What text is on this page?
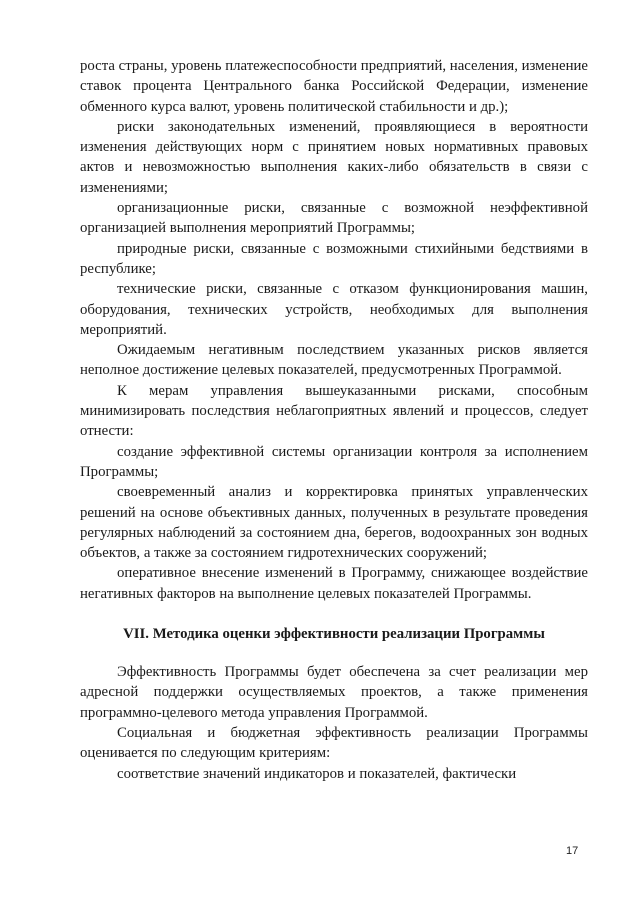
роста страны, уровень платежеспособности предприятий, населения, изменение ставок процента Центрального банка Российской Федерации, изменение обменного курса валют, уровень политической стабильности и др.);

риски законодательных изменений, проявляющиеся в вероятности изменения действующих норм с принятием новых нормативных правовых актов и невозможностью выполнения каких-либо обязательств в связи с изменениями;

организационные риски, связанные с возможной неэффективной организацией выполнения мероприятий Программы;

природные риски, связанные с возможными стихийными бедствиями в республике;

технические риски, связанные с отказом функционирования машин, оборудования, технических устройств, необходимых для выполнения мероприятий.

Ожидаемым негативным последствием указанных рисков является неполное достижение целевых показателей, предусмотренных Программой.

К мерам управления вышеуказанными рисками, способным минимизировать последствия неблагоприятных явлений и процессов, следует отнести:

создание эффективной системы организации контроля за исполнением Программы;

своевременный анализ и корректировка принятых управленческих решений на основе объективных данных, полученных в результате проведения регулярных наблюдений за состоянием дна, берегов, водоохранных зон водных объектов, а также за состоянием гидротехнических сооружений;

оперативное внесение изменений в Программу, снижающее воздействие негативных факторов на выполнение целевых показателей Программы.

VII. Методика оценки эффективности реализации Программы

Эффективность Программы будет обеспечена за счет реализации мер адресной поддержки осуществляемых проектов, а также применения программно-целевого метода управления Программой.

Социальная и бюджетная эффективность реализации Программы оценивается по следующим критериям:

соответствие значений индикаторов и показателей, фактически

17
